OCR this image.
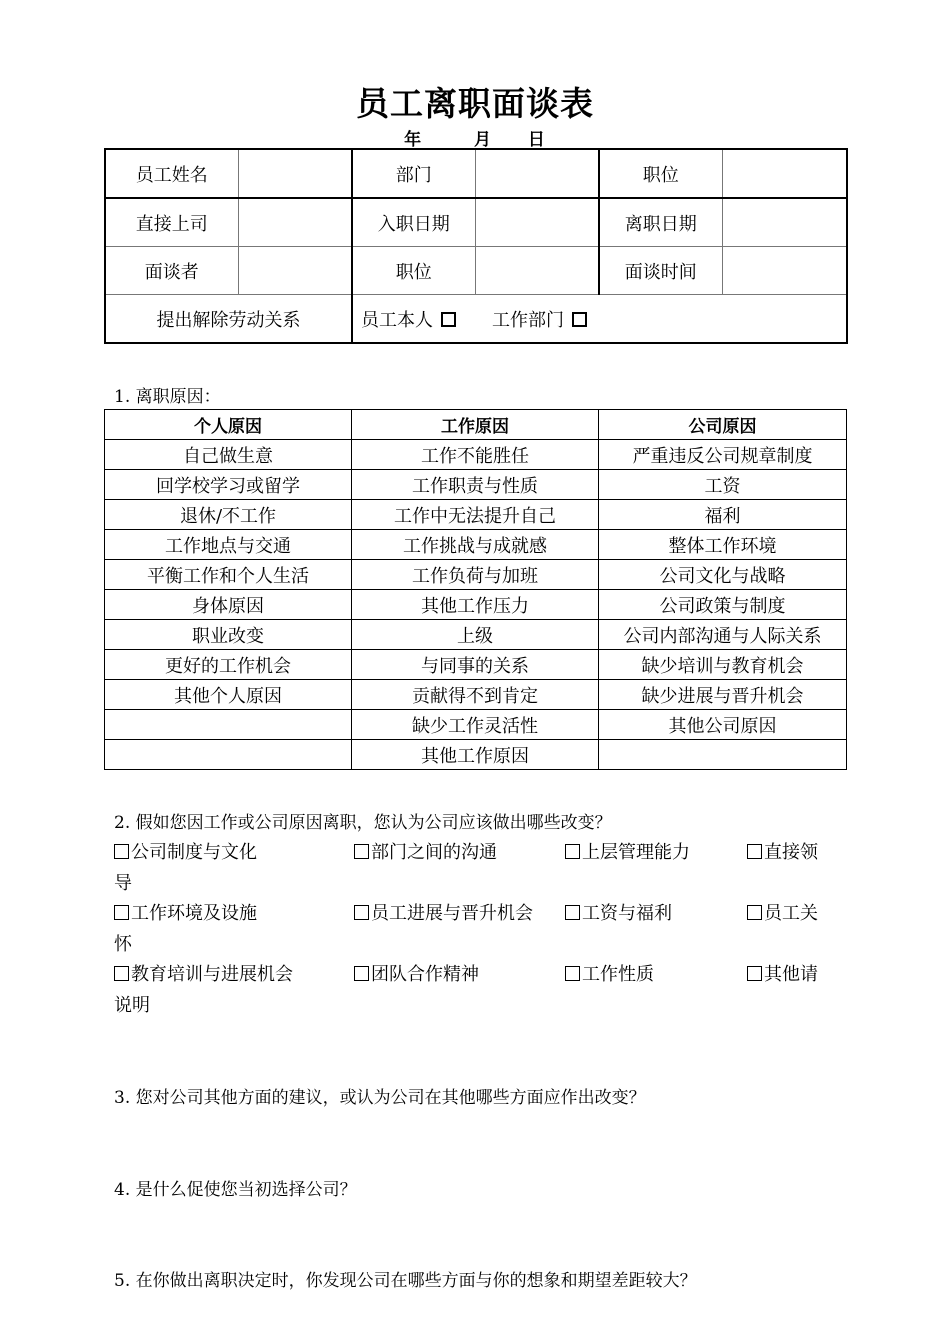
员工离职面谈表
年	月 日
员工姓名		部门		职位	
直接上司		入职日期		离职日期	
面谈者		职位		面谈时间	
提出解除劳动关系		员工本人 工作部门			
1. 离职原因：
个人原因	工作原因	公司原因
自己做生意	工作不能胜任	严重违反公司规章制度
回学校学习或留学	工作职责与性质	工资
退休/不工作	工作中无法提升自己	福利
工作地点与交通	工作挑战与成就感	整体工作环境
平衡工作和个人生活	工作负荷与加班	公司文化与战略
身体原因	其他工作压力	公司政策与制度
职业改变	上级	公司内部沟通与人际关系
更好的工作机会	与同事的关系	缺少培训与教育机会
其他个人原因	贡献得不到肯定	缺少进展与晋升机会
	缺少工作灵活性	其他公司原因
	其他工作原因	
2. 假如您因工作或公司原因离职，您认为公司应该做出哪些改变？
公司制度与文化	部门之间的沟通	上层管理能力	直接领
导
工作环境及设施	员工进展与晋升机会	工资与福利	员工关
怀
教育培训与进展机会	团队合作精神	工作性质	其他请
说明
3. 您对公司其他方面的建议，或认为公司在其他哪些方面应作出改变？
4. 是什么促使您当初选择公司？
5. 在你做出离职决定时，你发现公司在哪些方面与你的想象和期望差距较大？
